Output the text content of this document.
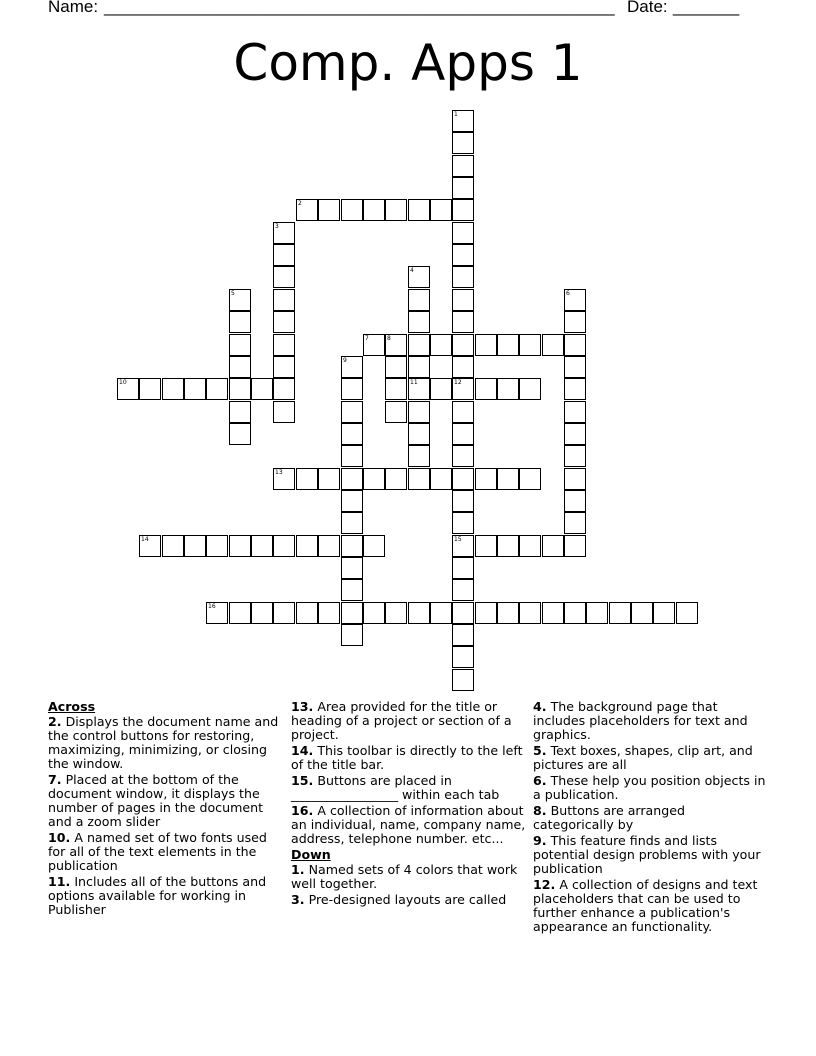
Name: ______________________________________________________ Date: _______
Comp. Apps 1
1
12
2
3
4
11
5	6
7	8
9
10
15
13
14
16
Across
2. Displays the document name and the control buttons for restoring, maximizing, minimizing, or closing the window.
7. Placed at the bottom of the document window, it displays the number of pages in the document and a zoom slider
10. A named set of two fonts used for all of the text elements in the publication
11. Includes all of the buttons and options available for working in Publisher
13. Area provided for the title or heading of a project or section of a project.
14. This toolbar is directly to the left of the title bar.
15. Buttons are placed in _________________ within each tab
16. A collection of information about an individual, name, company name, address, telephone number. etc...
Down
1. Named sets of 4 colors that work well together.
3. Pre-designed layouts are called
4. The background page that includes placeholders for text and graphics.
5. Text boxes, shapes, clip art, and pictures are all
6. These help you position objects in a publication.
8. Buttons are arranged categorically by
9. This feature finds and lists potential design problems with your publication
12. A collection of designs and text placeholders that can be used to further enhance a publication's appearance an functionality.
